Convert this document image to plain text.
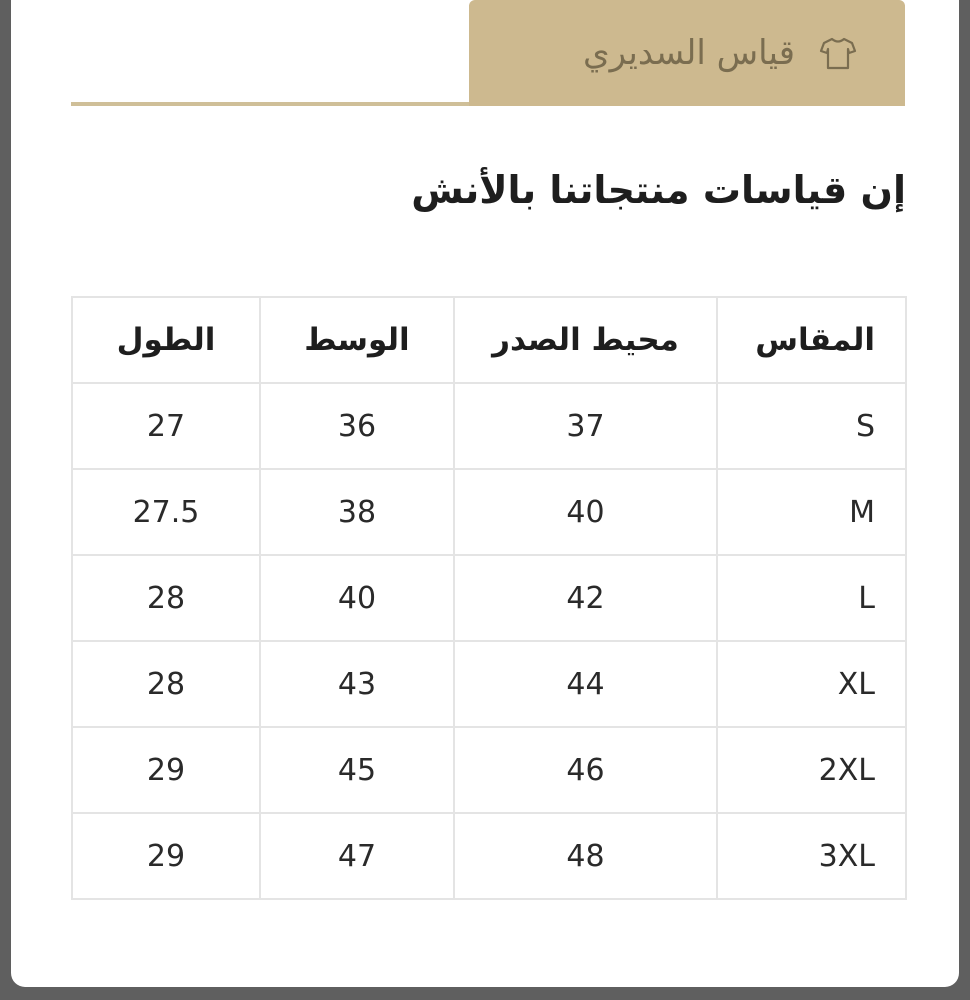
قياس السديري
إن قياسات منتجاتنا بالأنش
المقاس	محيط الصدر	الوسط	الطول
S	37	36	27
M	40	38	27.5
L	42	40	28
XL	44	43	28
2XL	46	45	29
3XL	48	47	29
